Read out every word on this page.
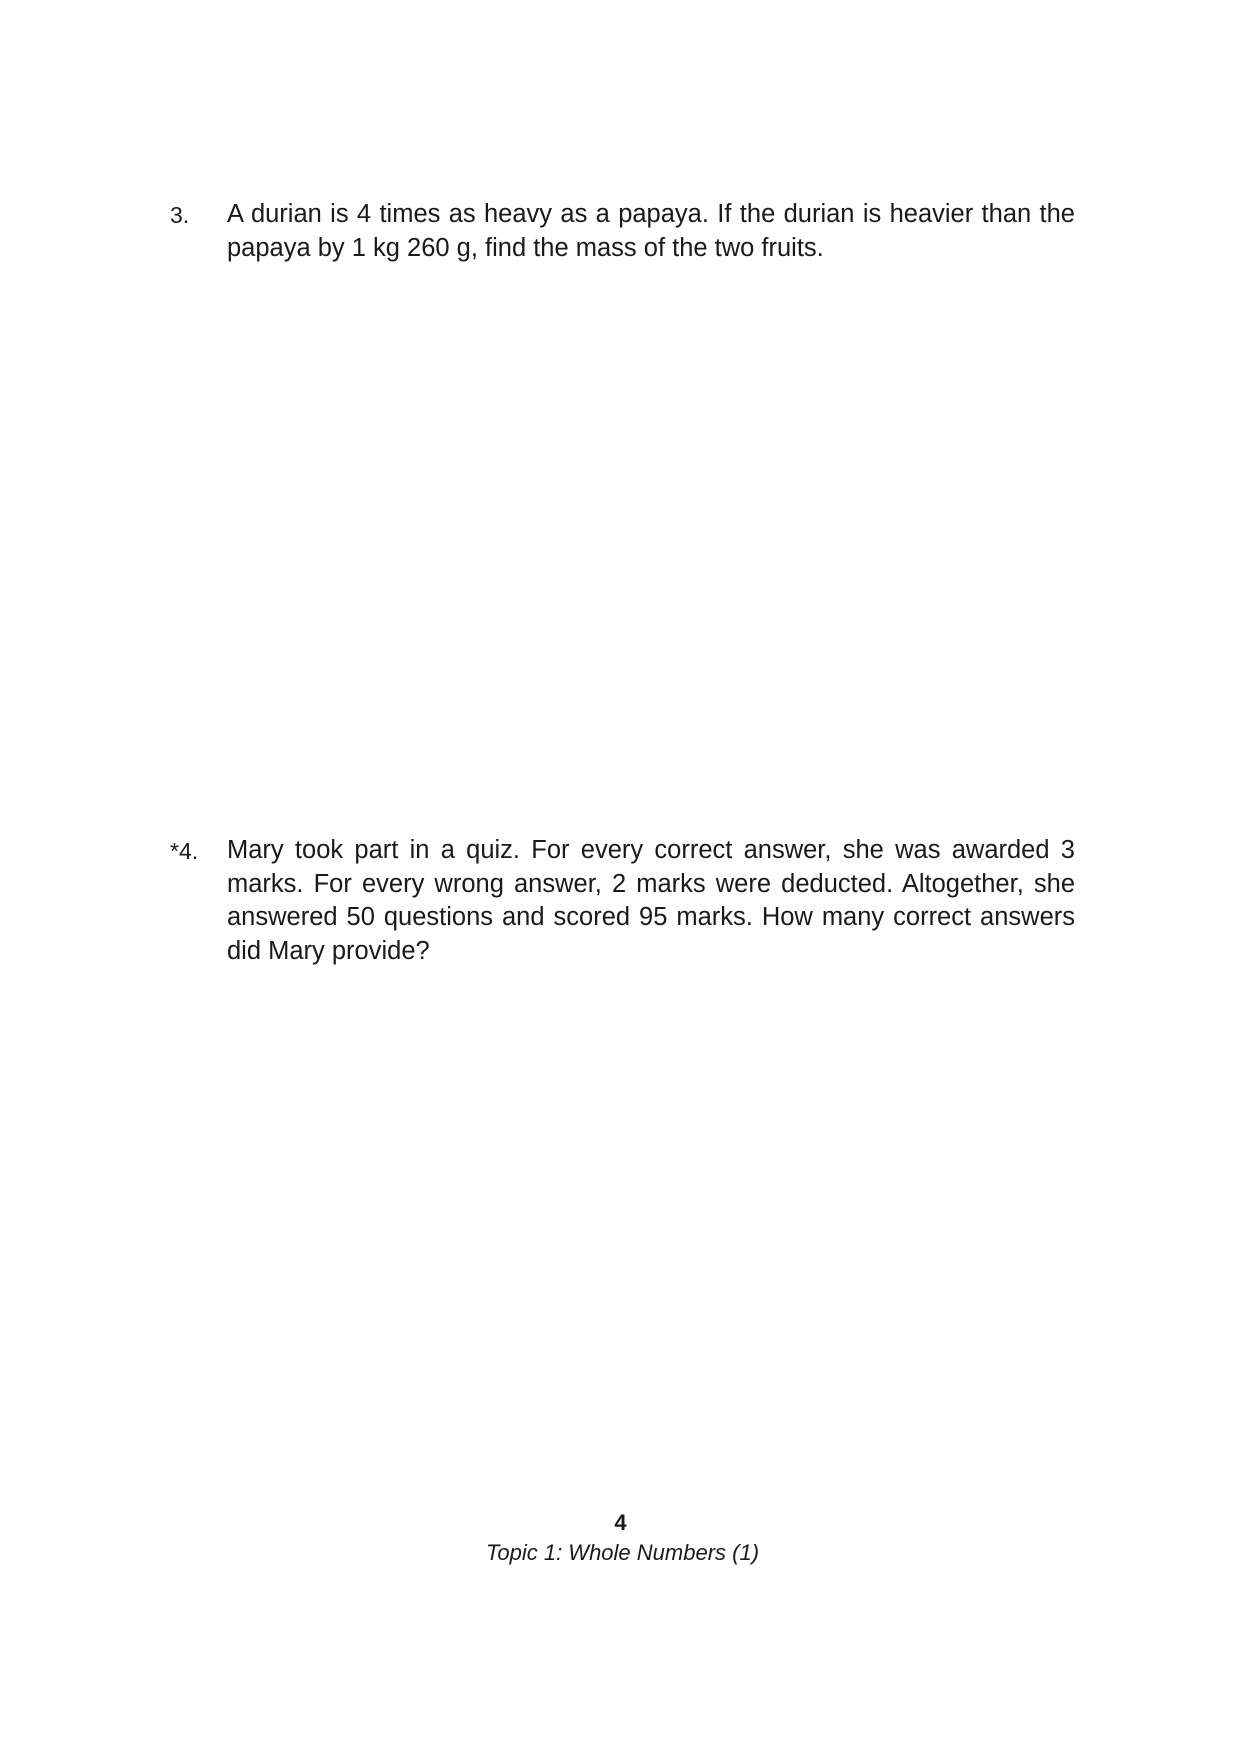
3. A durian is 4 times as heavy as a papaya. If the durian is heavier than the papaya by 1 kg 260 g, find the mass of the two fruits.
*4. Mary took part in a quiz. For every correct answer, she was awarded 3 marks. For every wrong answer, 2 marks were deducted. Altogether, she answered 50 questions and scored 95 marks. How many correct answers did Mary provide?
4
Topic 1: Whole Numbers (1)
